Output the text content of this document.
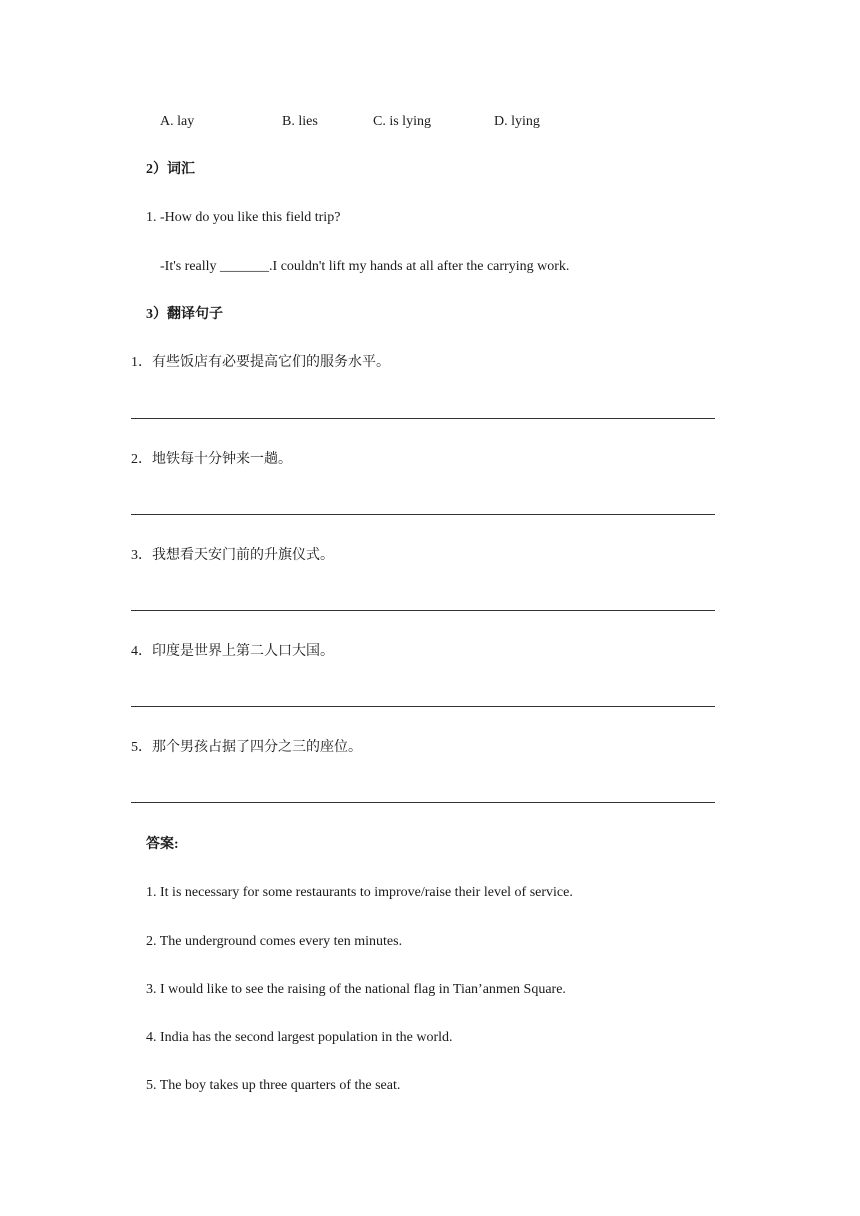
A. lay	B. lies	C. is lying	D. lying
2）词汇
1. -How do you like this field trip?
-It's really _______.I couldn't lift my hands at all after the carrying work.
3）翻译句子
1．有些饭店有必要提高它们的服务水平。
2．地铁每十分钟来一趟。
3．我想看天安门前的升旗仪式。
4．印度是世界上第二人口大国。
5．那个男孩占据了四分之三的座位。
答案:
1. It is necessary for some restaurants to improve/raise their level of service.
2. The underground comes every ten minutes.
3. I would like to see the raising of the national flag in Tian’anmen Square.
4. India has the second largest population in the world.
5. The boy takes up three quarters of the seat.
